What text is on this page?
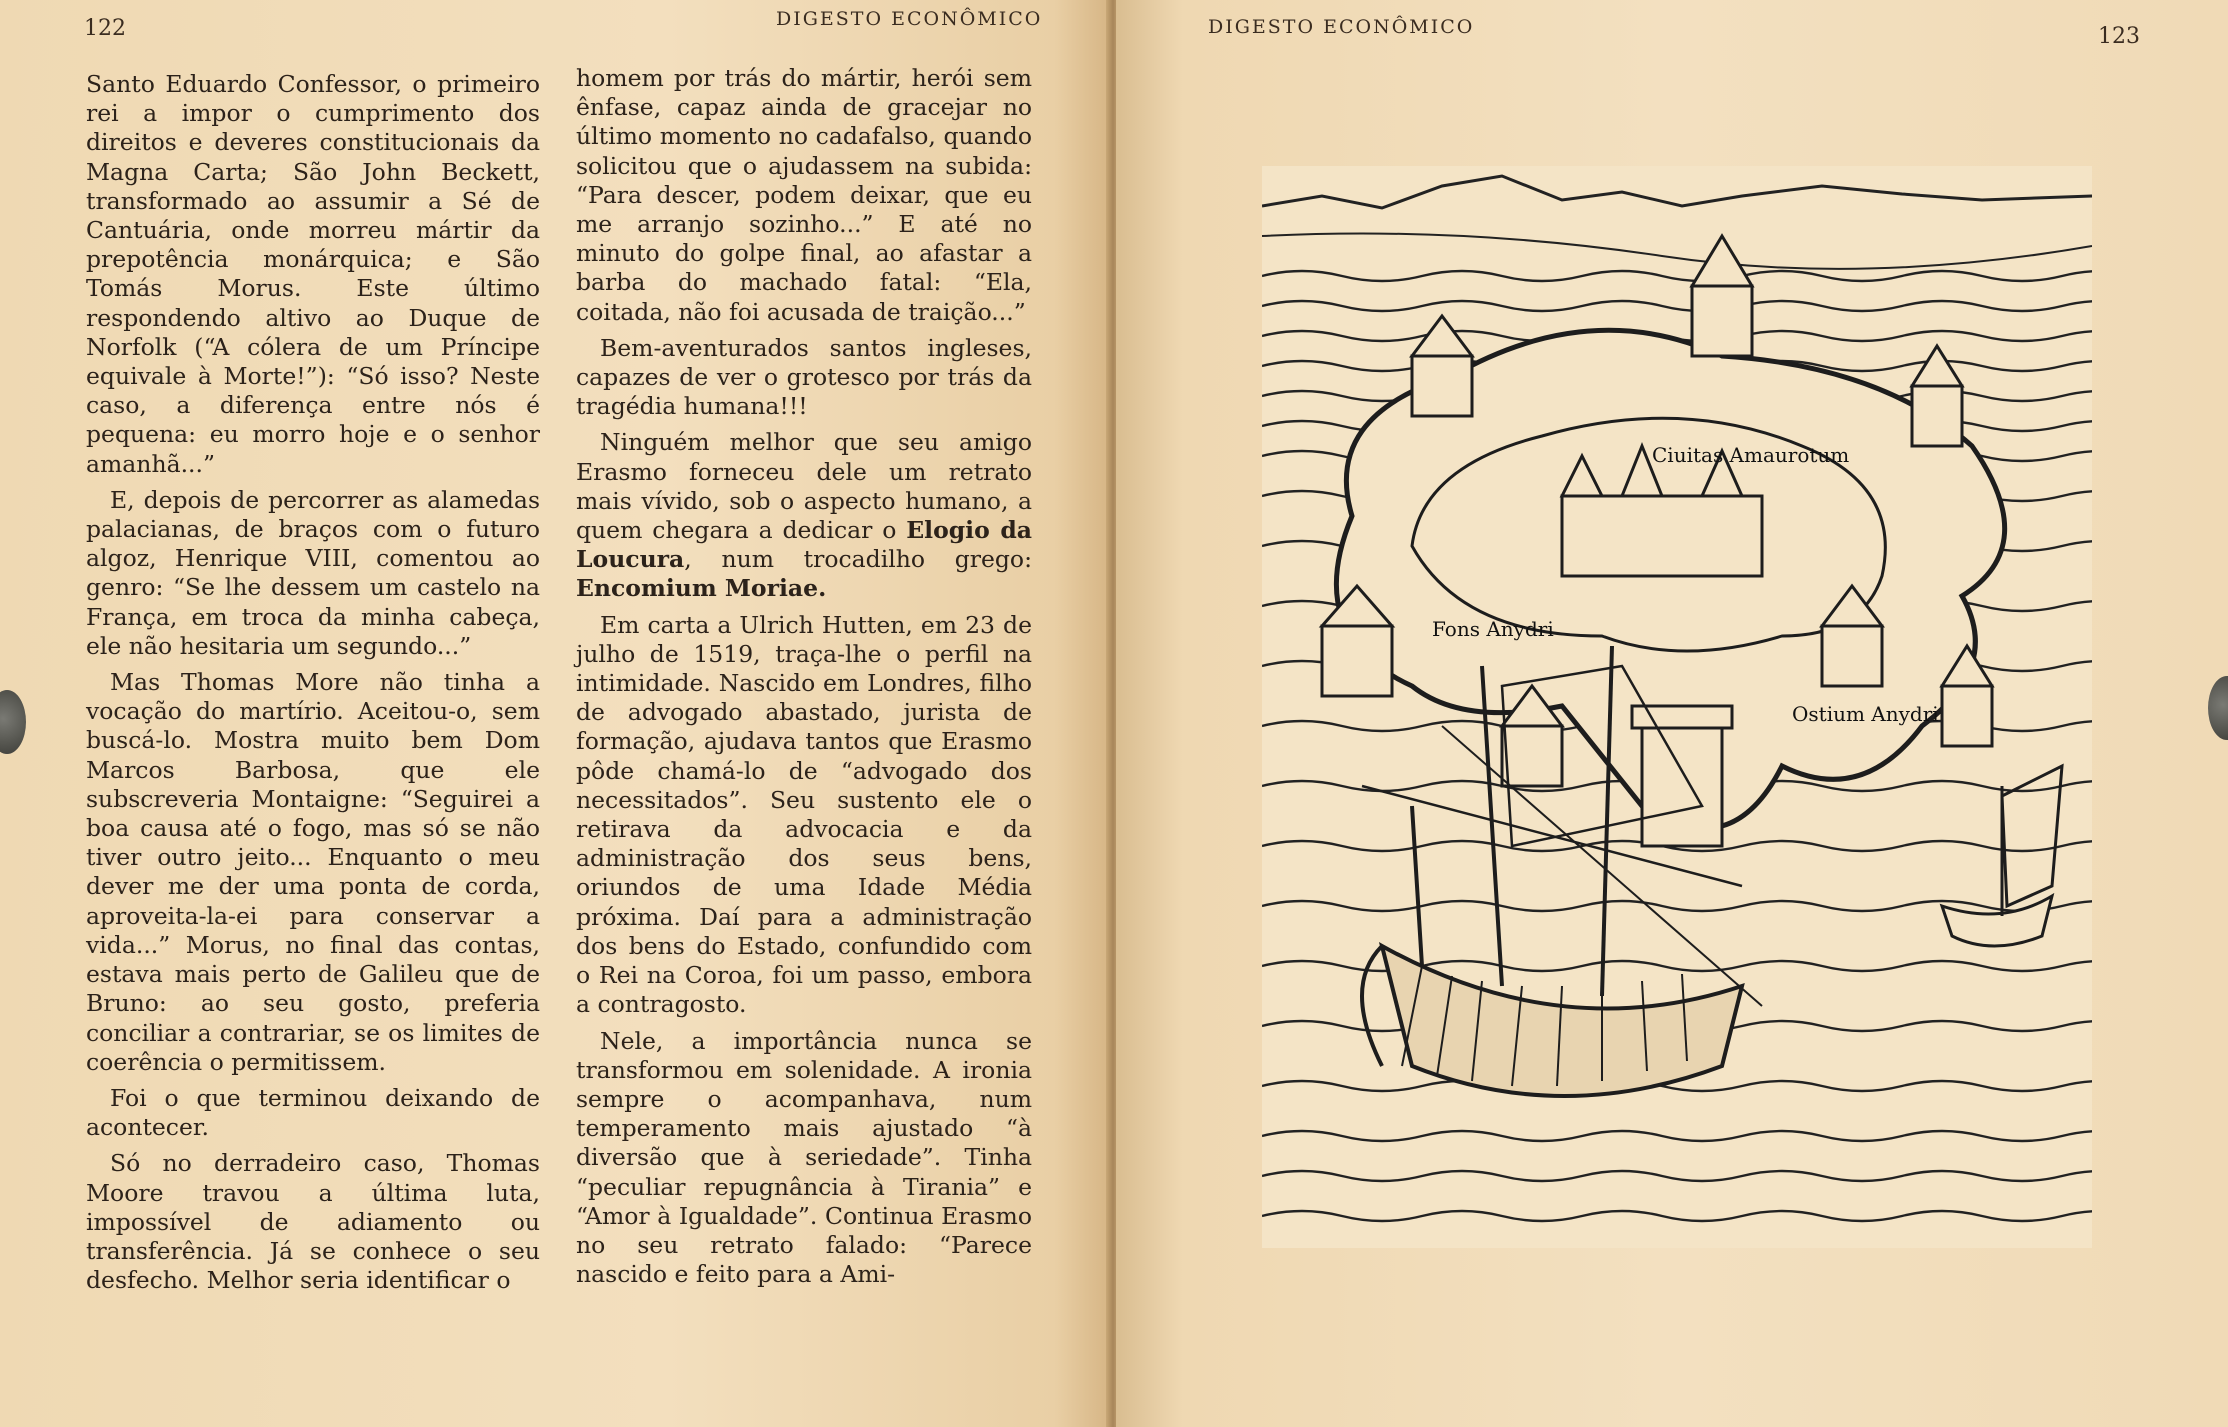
122	DIGESTO ECONÔMICO

Santo Eduardo Confessor, o primeiro rei a impor o cumprimento dos direitos e deveres constitucionais da Magna Carta; São John Beckett, transformado ao assumir a Sé de Cantuária, onde morreu mártir da prepotência monárquica; e São Tomás Morus. Este último respondendo altivo ao Duque de Norfolk (“A cólera de um Príncipe equivale à Morte!”): “Só isso? Neste caso, a diferença entre nós é pequena: eu morro hoje e o senhor amanhã...”

E, depois de percorrer as alamedas palacianas, de braços com o futuro algoz, Henrique VIII, comentou ao genro: “Se lhe dessem um castelo na França, em troca da minha cabeça, ele não hesitaria um segundo...”

Mas Thomas More não tinha a vocação do martírio. Aceitou-o, sem buscá-lo. Mostra muito bem Dom Marcos Barbosa, que ele subscreveria Montaigne: “Seguirei a boa causa até o fogo, mas só se não tiver outro jeito... Enquanto o meu dever me der uma ponta de corda, aproveita-la-ei para conservar a vida...” Morus, no final das contas, estava mais perto de Galileu que de Bruno: ao seu gosto, preferia conciliar a contrariar, se os limites de coerência o permitissem.

Foi o que terminou deixando de acontecer.

Só no derradeiro caso, Thomas Moore travou a última luta, impossível de adiamento ou transferência. Já se conhece o seu desfecho. Melhor seria identificar o

homem por trás do mártir, herói sem ênfase, capaz ainda de gracejar no último momento no cadafalso, quando solicitou que o ajudassem na subida: “Para descer, podem deixar, que eu me arranjo sozinho...” E até no minuto do golpe final, ao afastar a barba do machado fatal: “Ela, coitada, não foi acusada de traição...”

Bem-aventurados santos ingleses, capazes de ver o grotesco por trás da tragédia humana!!!

Ninguém melhor que seu amigo Erasmo forneceu dele um retrato mais vívido, sob o aspecto humano, a quem chegara a dedicar o Elogio da Loucura, num trocadilho grego: Encomium Moriae.

Em carta a Ulrich Hutten, em 23 de julho de 1519, traça-lhe o perfil na intimidade. Nascido em Londres, filho de advogado abastado, jurista de formação, ajudava tantos que Erasmo pôde chamá-lo de “advogado dos necessitados”. Seu sustento ele o retirava da advocacia e da administração dos seus bens, oriundos de uma Idade Média próxima. Daí para a administração dos bens do Estado, confundido com o Rei na Coroa, foi um passo, embora a contragosto.

Nele, a importância nunca se transformou em solenidade. A ironia sempre o acompanhava, num temperamento mais ajustado “à diversão que à seriedade”. Tinha “peculiar repugnância à Tirania” e “Amor à Igualdade”. Continua Erasmo no seu retrato falado: “Parece nascido e feito para a Ami-

DIGESTO ECONÔMICO	123
Ciuitas Amaurotum
Fons Anydri
Ostium Anydri
